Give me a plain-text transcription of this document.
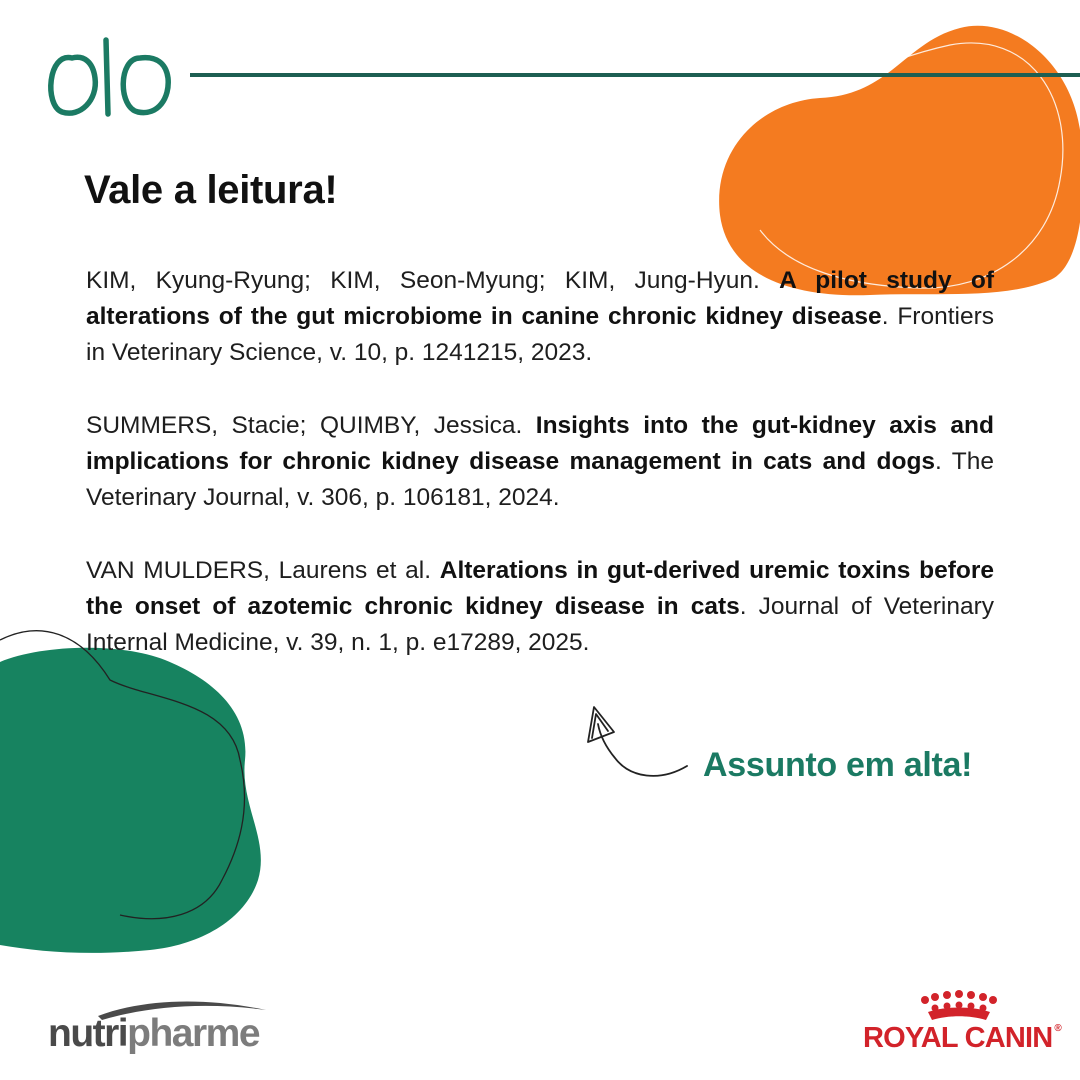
Vale a leitura!

KIM, Kyung-Ryung; KIM, Seon-Myung; KIM, Jung-Hyun. A pilot study of alterations of the gut microbiome in canine chronic kidney disease. Frontiers in Veterinary Science, v. 10, p. 1241215, 2023.

SUMMERS, Stacie; QUIMBY, Jessica. Insights into the gut-kidney axis and implications for chronic kidney disease management in cats and dogs. The Veterinary Journal, v. 306, p. 106181, 2024.

VAN MULDERS, Laurens et al. Alterations in gut-derived uremic toxins before the onset of azotemic chronic kidney disease in cats. Journal of Veterinary Internal Medicine, v. 39, n. 1, p. e17289, 2025.

Assunto em alta!

nutripharme	ROYAL CANIN ®
